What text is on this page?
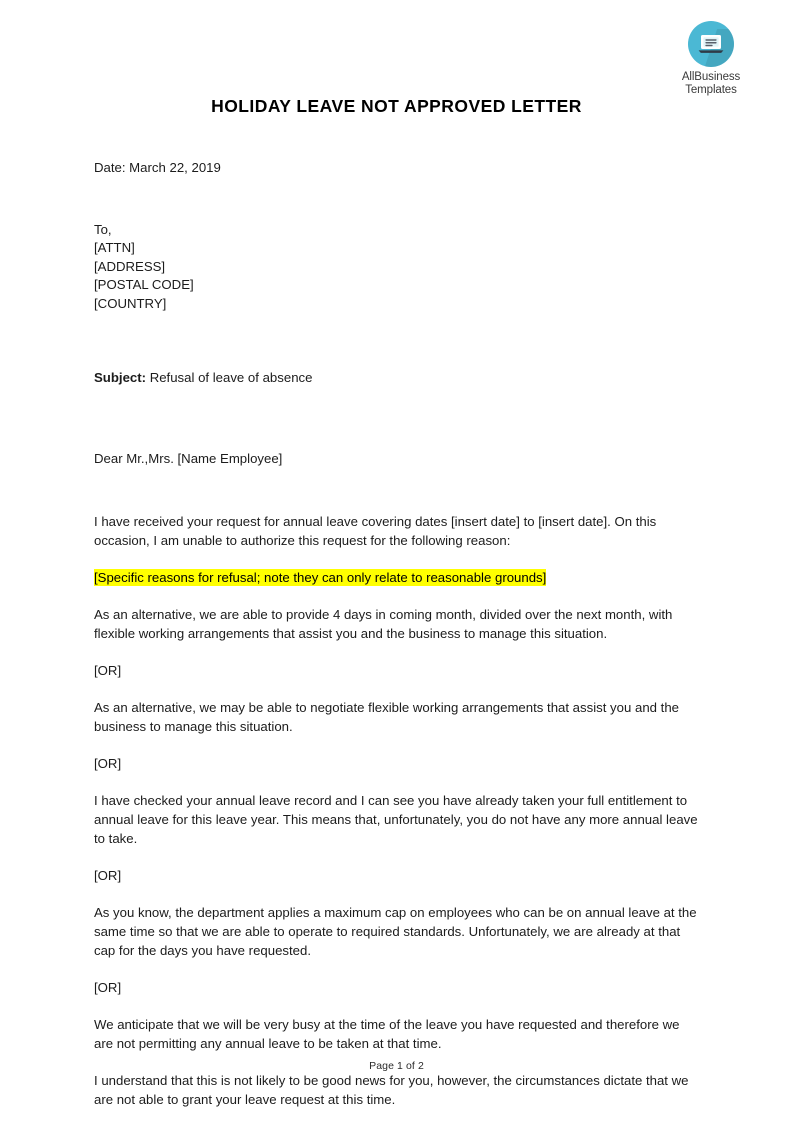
AllBusiness
Templates
HOLIDAY LEAVE NOT APPROVED LETTER

Date: March 22, 2019

To,

[ATTN]

[ADDRESS]

[POSTAL CODE]

[COUNTRY]

Subject: Refusal of leave of absence

Dear Mr.,Mrs. [Name Employee]

I have received your request for annual leave covering dates [insert date] to [insert date]. On this occasion, I am unable to authorize this request for the following reason:

[Specific reasons for refusal; note they can only relate to reasonable grounds]

As an alternative, we are able to provide 4 days in coming month, divided over the next month, with flexible working arrangements that assist you and the business to manage this situation.

[OR]

As an alternative, we may be able to negotiate flexible working arrangements that assist you and the business to manage this situation.

[OR]

I have checked your annual leave record and I can see you have already taken your full entitlement to annual leave for this leave year. This means that, unfortunately, you do not have any more annual leave to take.

[OR]

As you know, the department applies a maximum cap on employees who can be on annual leave at the same time so that we are able to operate to required standards. Unfortunately, we are already at that cap for the days you have requested.

[OR]

We anticipate that we will be very busy at the time of the leave you have requested and therefore we are not permitting any annual leave to be taken at that time.

I understand that this is not likely to be good news for you, however, the circumstances dictate that we are not able to grant your leave request at this time.

Page 1 of 2
